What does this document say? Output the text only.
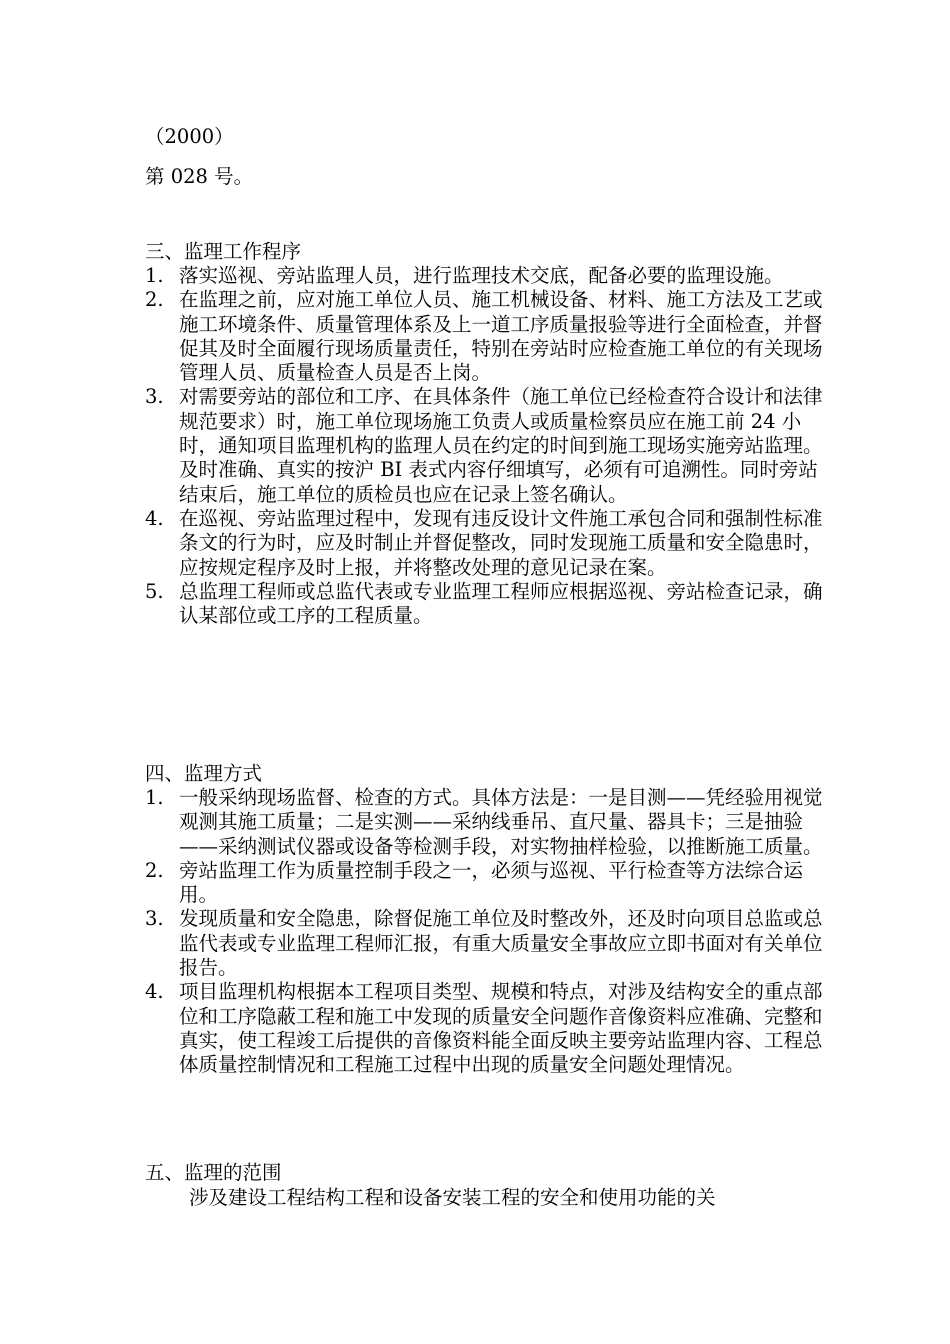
（2000）
第 028 号。
三、监理工作程序
1. 落实巡视、旁站监理人员，进行监理技术交底，配备必要的监理设施。
2. 在监理之前，应对施工单位人员、施工机械设备、材料、施工方法及工艺或施工环境条件、质量管理体系及上一道工序质量报验等进行全面检查，并督促其及时全面履行现场质量责任，特别在旁站时应检查施工单位的有关现场管理人员、质量检查人员是否上岗。
3. 对需要旁站的部位和工序、在具体条件（施工单位已经检查符合设计和法律规范要求）时，施工单位现场施工负责人或质量检察员应在施工前 24 小时，通知项目监理机构的监理人员在约定的时间到施工现场实施旁站监理。及时准确、真实的按沪 BI 表式内容仔细填写，必须有可追溯性。同时旁站结束后，施工单位的质检员也应在记录上签名确认。
4. 在巡视、旁站监理过程中，发现有违反设计文件施工承包合同和强制性标准条文的行为时，应及时制止并督促整改，同时发现施工质量和安全隐患时，应按规定程序及时上报，并将整改处理的意见记录在案。
5. 总监理工程师或总监代表或专业监理工程师应根据巡视、旁站检查记录，确认某部位或工序的工程质量。
四、监理方式
1. 一般采纳现场监督、检查的方式。具体方法是：一是目测——凭经验用视觉观测其施工质量；二是实测——采纳线垂吊、直尺量、器具卡；三是抽验——采纳测试仪器或设备等检测手段，对实物抽样检验，以推断施工质量。
2. 旁站监理工作为质量控制手段之一，必须与巡视、平行检查等方法综合运用。
3. 发现质量和安全隐患，除督促施工单位及时整改外，还及时向项目总监或总监代表或专业监理工程师汇报，有重大质量安全事故应立即书面对有关单位报告。
4. 项目监理机构根据本工程项目类型、规模和特点，对涉及结构安全的重点部位和工序隐蔽工程和施工中发现的质量安全问题作音像资料应准确、完整和真实，使工程竣工后提供的音像资料能全面反映主要旁站监理内容、工程总体质量控制情况和工程施工过程中出现的质量安全问题处理情况。
五、监理的范围
涉及建设工程结构工程和设备安装工程的安全和使用功能的关
